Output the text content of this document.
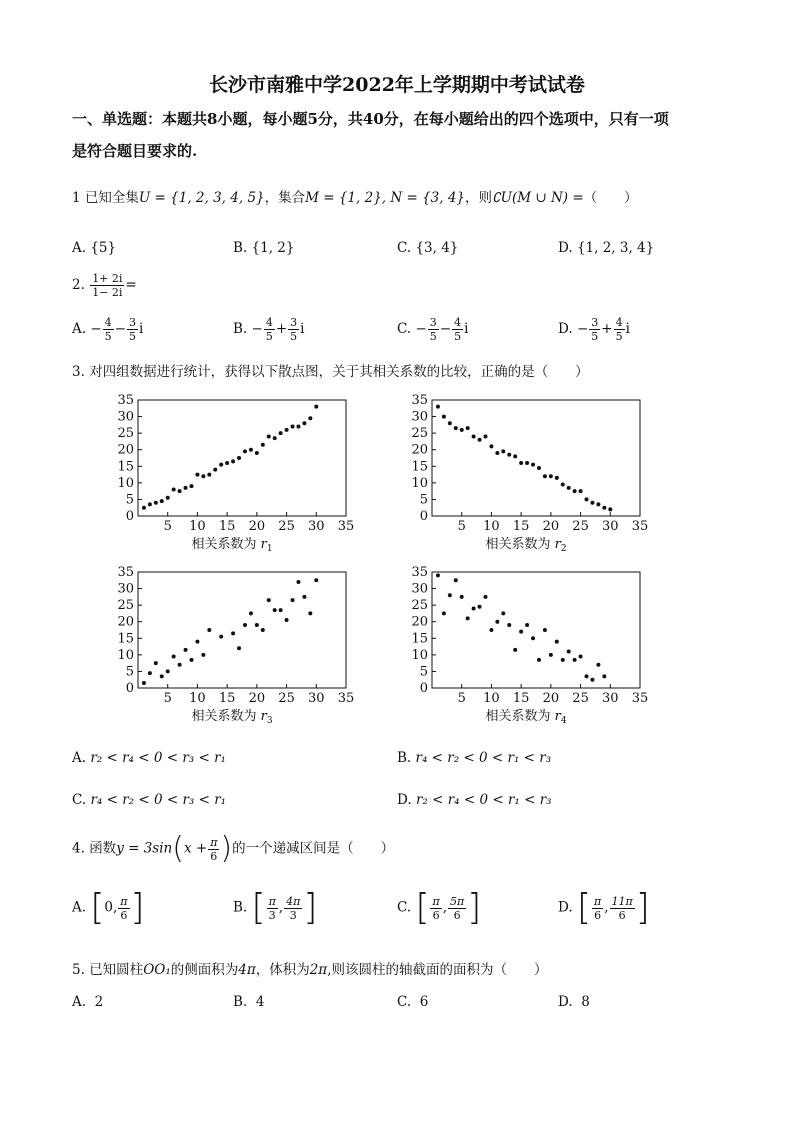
长沙市南雅中学2022年上学期期中考试试卷
一、单选题：本题共8小题，每小题5分，共40分，在每小题给出的四个选项中，只有一项
是符合题目要求的.
1 已知全集U = {1, 2, 3, 4, 5}，集合M = {1, 2}, N = {3, 4}，则∁U(M ∪ N) =（　　）
A. {5}	B. {1, 2}	C. {3, 4}	D. {1, 2, 3, 4}
2. $\frac{1+ 2i}{1- 2i}$ =
A. − $\frac{4}{5} - \frac{3}{5}$ i	B. − $\frac{4}{5} + \frac{3}{5}$ i	C. − $\frac{3}{5} - \frac{4}{5}$ i	D. − $\frac{3}{5} + \frac{4}{5}$ i
3. 对四组数据进行统计，获得以下散点图，关于其相关系数的比较，正确的是（　　）
0
5
10
15
20
25
30
35
5 10 15 20 25 30 35
相关系数为 $r_1$
0
5
10
15
20
25
30
35
5 10 15 20 25 30 35
相关系数为 $r_2$
0
5
10
15
20
25
30
35
5 10 15 20 25 30 35
相关系数为 $r_3$
0
5
10
15
20
25
30
35
5 10 15 20 25 30 35
相关系数为 $r_4$
A. r₂ < r₄ < 0 < r₃ < r₁	B. r₄ < r₂ < 0 < r₁ < r₃
C. r₄ < r₂ < 0 < r₃ < r₁	D. r₂ < r₄ < 0 < r₁ < r₃
4. 函数$y = 3\sin(x + \frac{\pi}{6}$ )的一个递减区间是（　　）
A. [0, $\frac{\pi}{6}$ ]	B. [ $\frac{\pi}{3}$ , $\frac{4\pi}{3}$ ]	C. [ $\frac{\pi}{6}$ , $\frac{5\pi}{6}$ ]	D. [ $\frac{\pi}{6}$ , $\frac{11\pi}{6}$ ]
5. 已知圆柱OO₁的侧面积为4π，体积为2π,则该圆柱的轴截面的面积为（　　）
A. 2	B. 4	C. 6	D. 8
